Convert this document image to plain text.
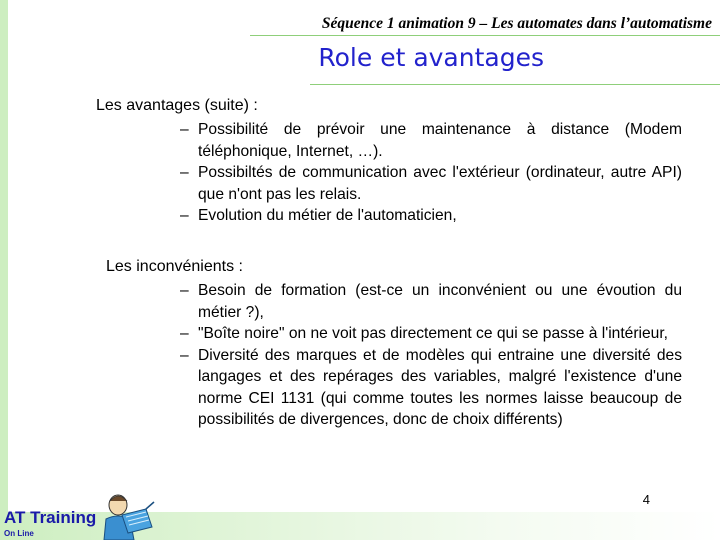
Séquence 1 animation 9 – Les automates dans l’automatisme
Role et avantages
Les avantages (suite) :
– Possibilité de prévoir une maintenance à distance (Modem téléphonique, Internet, …).
– Possibiltés de communication avec l'extérieur (ordinateur, autre API) que n'ont pas les relais.
– Evolution du métier de l'automaticien,
Les inconvénients :
– Besoin de formation (est-ce un inconvénient ou une évoution du métier ?),
– "Boîte noire" on ne voit pas directement ce qui se passe à l'intérieur,
– Diversité des marques et de modèles qui entraine une diversité des langages et des repérages des variables, malgré l'existence d'une norme CEI 1131 (qui comme toutes les normes laisse beaucoup de possibilités de divergences, donc de choix différents)
4
AT Training
On Line
